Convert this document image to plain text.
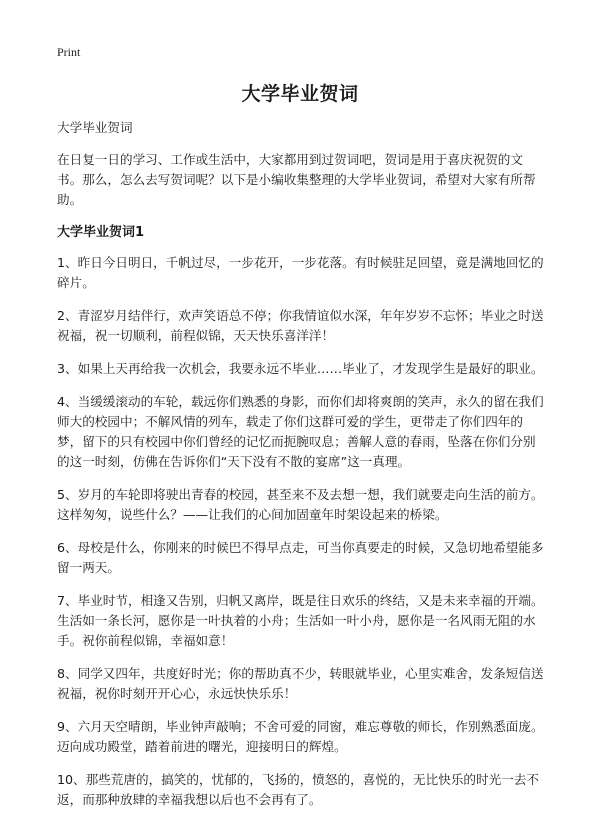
Print
大学毕业贺词

大学毕业贺词

在日复一日的学习、工作或生活中，大家都用到过贺词吧，贺词是用于喜庆祝贺的文书。那么，怎么去写贺词呢？以下是小编收集整理的大学毕业贺词，希望对大家有所帮助。

大学毕业贺词1

1、昨日今日明日，千帆过尽，一步花开，一步花落。有时候驻足回望，竟是满地回忆的碎片。

2、青涩岁月结伴行，欢声笑语总不停；你我情谊似水深，年年岁岁不忘怀；毕业之时送祝福，祝一切顺利，前程似锦，天天快乐喜洋洋！

3、如果上天再给我一次机会，我要永远不毕业……毕业了，才发现学生是最好的职业。

4、当缓缓滚动的车轮，载远你们熟悉的身影，而你们却将爽朗的笑声，永久的留在我们师大的校园中；不解风情的列车，载走了你们这群可爱的学生，更带走了你们四年的梦，留下的只有校园中你们曾经的记忆而扼腕叹息；善解人意的春雨，坠落在你们分别的这一时刻，仿佛在告诉你们“天下没有不散的宴席”这一真理。

5、岁月的车轮即将驶出青春的校园，甚至来不及去想一想，我们就要走向生活的前方。这样匆匆，说些什么？——让我们的心间加固童年时架设起来的桥梁。

6、母校是什么，你刚来的时候巴不得早点走，可当你真要走的时候，又急切地希望能多留一两天。

7、毕业时节，相逢又告别，归帆又离岸，既是往日欢乐的终结，又是未来幸福的开端。生活如一条长河，愿你是一叶执着的小舟；生活如一叶小舟，愿你是一名风雨无阻的水手。祝你前程似锦，幸福如意！

8、同学又四年，共度好时光；你的帮助真不少，转眼就毕业，心里实难舍，发条短信送祝福，祝你时刻开开心心，永远快快乐乐！

9、六月天空晴朗，毕业钟声敲响；不舍可爱的同窗，难忘尊敬的师长，作别熟悉面庞。迈向成功殿堂，踏着前进的曙光，迎接明日的辉煌。

10、那些荒唐的，搞笑的，忧郁的，飞扬的，愤怒的，喜悦的，无比快乐的时光一去不返，而那种放肆的幸福我想以后也不会再有了。
